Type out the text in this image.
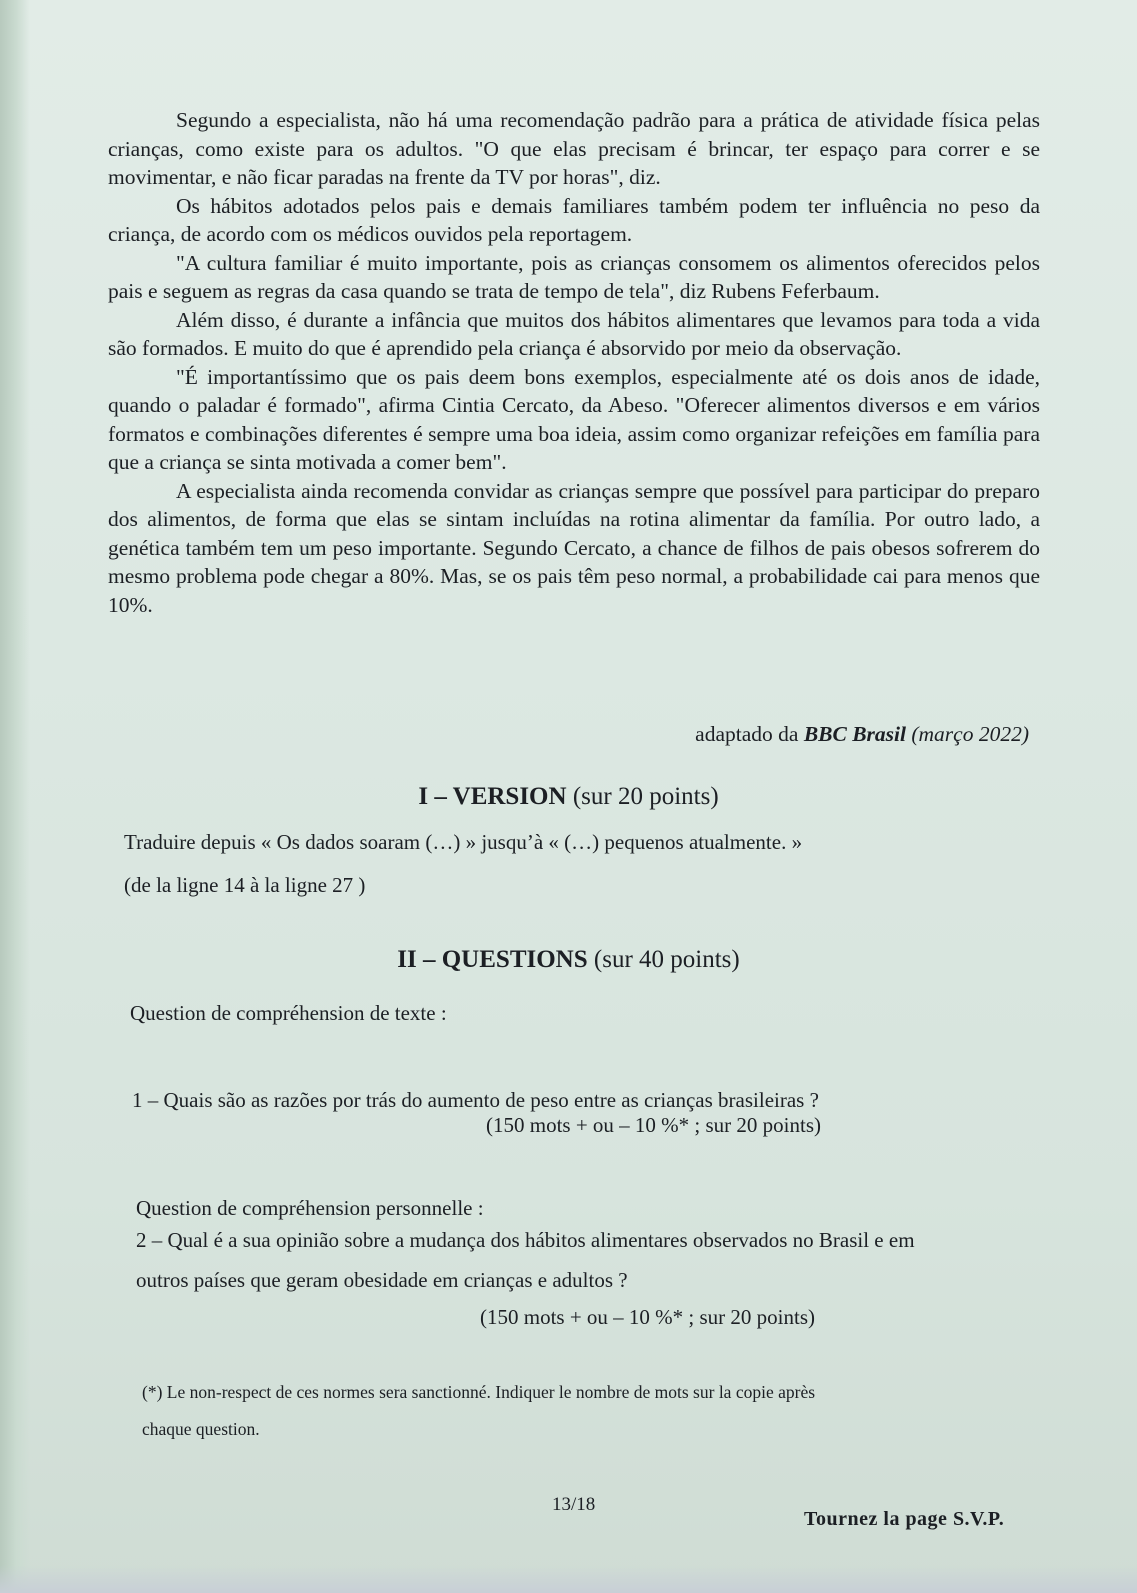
Segundo a especialista, não há uma recomendação padrão para a prática de atividade física pelas crianças, como existe para os adultos. "O que elas precisam é brincar, ter espaço para correr e se movimentar, e não ficar paradas na frente da TV por horas", diz.

Os hábitos adotados pelos pais e demais familiares também podem ter influência no peso da criança, de acordo com os médicos ouvidos pela reportagem.

"A cultura familiar é muito importante, pois as crianças consomem os alimentos oferecidos pelos pais e seguem as regras da casa quando se trata de tempo de tela", diz Rubens Feferbaum.

Além disso, é durante a infância que muitos dos hábitos alimentares que levamos para toda a vida são formados. E muito do que é aprendido pela criança é absorvido por meio da observação.

"É importantíssimo que os pais deem bons exemplos, especialmente até os dois anos de idade, quando o paladar é formado", afirma Cintia Cercato, da Abeso. "Oferecer alimentos diversos e em vários formatos e combinações diferentes é sempre uma boa ideia, assim como organizar refeições em família para que a criança se sinta motivada a comer bem".

A especialista ainda recomenda convidar as crianças sempre que possível para participar do preparo dos alimentos, de forma que elas se sintam incluídas na rotina alimentar da família. Por outro lado, a genética também tem um peso importante. Segundo Cercato, a chance de filhos de pais obesos sofrerem do mesmo problema pode chegar a 80%. Mas, se os pais têm peso normal, a probabilidade cai para menos que 10%.

adaptado da BBC Brasil (março 2022)
I – VERSION (sur 20 points)
Traduire depuis « Os dados soaram (…) » jusqu’à « (…) pequenos atualmente. »
(de la ligne 14 à la ligne 27 )
II – QUESTIONS (sur 40 points)
Question de compréhension de texte :
1 – Quais são as razões por trás do aumento de peso entre as crianças brasileiras ?
(150 mots + ou – 10 %* ; sur 20 points)
Question de compréhension personnelle :
2 – Qual é a sua opinião sobre a mudança dos hábitos alimentares observados no Brasil e em
outros países que geram obesidade em crianças e adultos ?
(150 mots + ou – 10 %* ; sur 20 points)
(*) Le non-respect de ces normes sera sanctionné. Indiquer le nombre de mots sur la copie après
chaque question.
13/18
Tournez la page S.V.P.
